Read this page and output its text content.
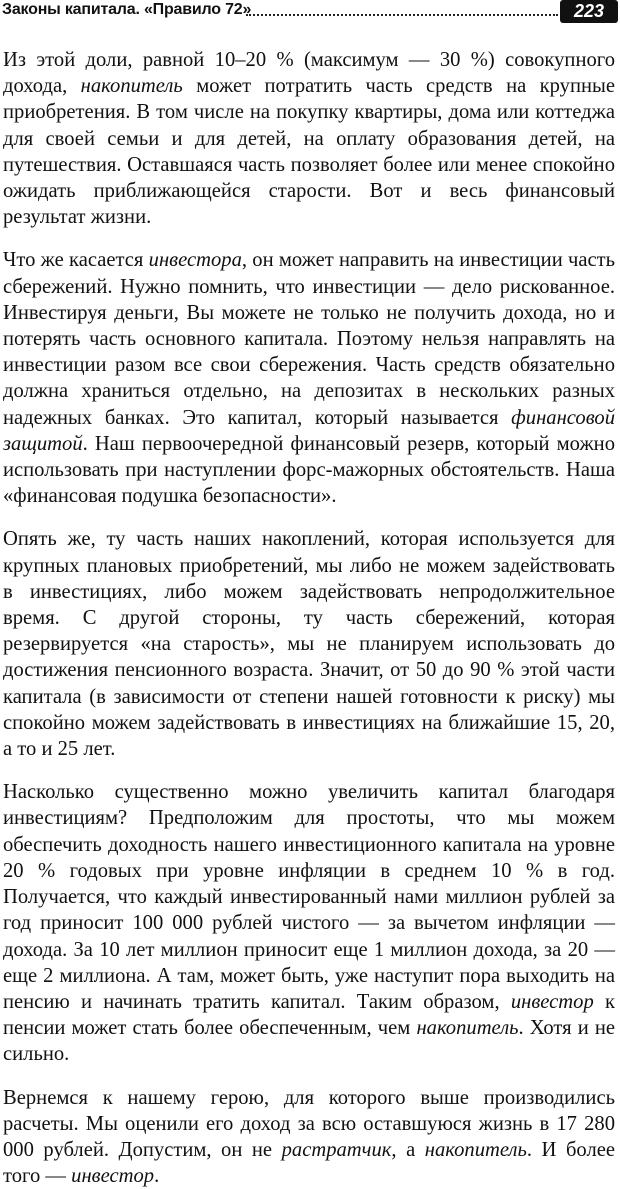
Законы капитала. «Правило 72»	223

Из этой доли, равной 10–20 % (максимум — 30 %) совокупного дохода, накопитель может потратить часть средств на крупные приобретения. В том числе на покупку квартиры, дома или коттеджа для своей семьи и для детей, на оплату образования детей, на путешествия. Оставшаяся часть позволяет более или менее спокойно ожидать приближающейся старости. Вот и весь финансовый результат жизни.

Что же касается инвестора, он может направить на инвестиции часть сбережений. Нужно помнить, что инвестиции — дело рискованное. Инвестируя деньги, Вы можете не только не получить дохода, но и потерять часть основного капитала. Поэтому нельзя направлять на инвестиции разом все свои сбережения. Часть средств обязательно должна храниться отдельно, на депозитах в нескольких разных надежных банках. Это капитал, который называется финансовой защитой. Наш первоочередной финансовый резерв, который можно использовать при наступлении форс-мажорных обстоятельств. Наша «финансовая подушка безопасности».

Опять же, ту часть наших накоплений, которая используется для крупных плановых приобретений, мы либо не можем задействовать в инвестициях, либо можем задействовать непродолжительное время. С другой стороны, ту часть сбережений, которая резервируется «на старость», мы не планируем использовать до достижения пенсионного возраста. Значит, от 50 до 90 % этой части капитала (в зависимости от степени нашей готовности к риску) мы спокойно можем задействовать в инвестициях на ближайшие 15, 20, а то и 25 лет.

Насколько существенно можно увеличить капитал благодаря инвестициям? Предположим для простоты, что мы можем обеспечить доходность нашего инвестиционного капитала на уровне 20 % годовых при уровне инфляции в среднем 10 % в год. Получается, что каждый инвестированный нами миллион рублей за год приносит 100 000 рублей чистого — за вычетом инфляции — дохода. За 10 лет миллион приносит еще 1 миллион дохода, за 20 — еще 2 миллиона. А там, может быть, уже наступит пора выходить на пенсию и начинать тратить капитал. Таким образом, инвестор к пенсии может стать более обеспеченным, чем накопитель. Хотя и не сильно.

Вернемся к нашему герою, для которого выше производились расчеты. Мы оценили его доход за всю оставшуюся жизнь в 17 280 000 рублей. Допустим, он не растратчик, а накопитель. И более того — инвестор.
